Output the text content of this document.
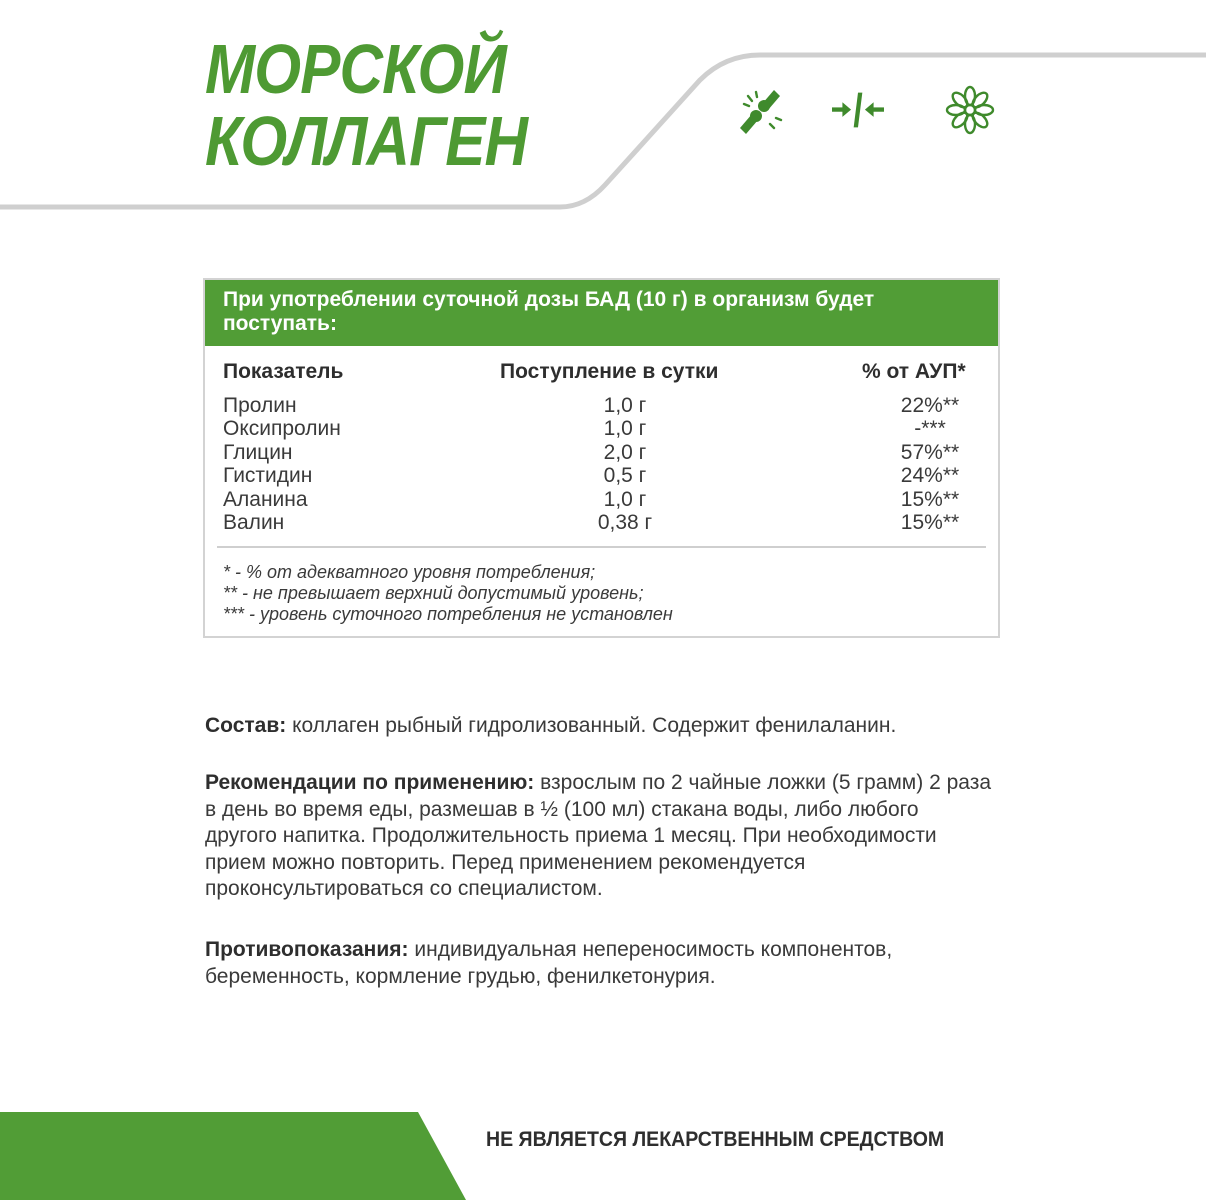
МОРСКОЙ
КОЛЛАГЕН
При употреблении суточной дозы БАД (10 г) в организм будет поступать:
Показатель	Поступление в сутки	% от АУП*
Пролин	1,0 г	22%**
Оксипролин	1,0 г	-***
Глицин	2,0 г	57%**
Гистидин	0,5 г	24%**
Аланина	1,0 г	15%**
Валин	0,38 г	15%**
* - % от адекватного уровня потребления;
** - не превышает верхний допустимый уровень;
*** - уровень суточного потребления не установлен
Состав: коллаген рыбный гидролизованный. Содержит фенилаланин.
Рекомендации по применению: взрослым по 2 чайные ложки (5 грамм) 2 раза в день во время еды, размешав в ½ (100 мл) стакана воды, либо любого другого напитка. Продолжительность приема 1 месяц. При необходимости прием можно повторить. Перед применением рекомендуется проконсультироваться со специалистом.
Противопоказания: индивидуальная непереносимость компонентов, беременность, кормление грудью, фенилкетонурия.
НЕ ЯВЛЯЕТСЯ ЛЕКАРСТВЕННЫМ СРЕДСТВОМ
